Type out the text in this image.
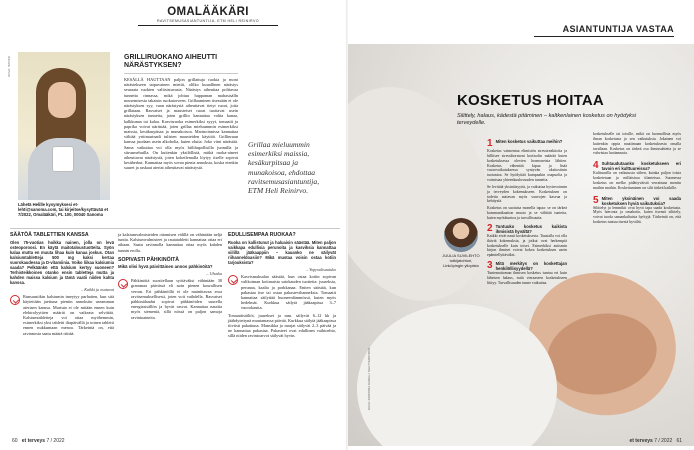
OMALÄÄKÄRI
RAVITSEMUSASIANTUNTIJA, ETM HELI REINIRVO
KUVA: ISTOCK
Lähetä Helille kysymyksesi et-lehti@sanoma.com, tai kirjeitse/kysyttävää et 7/2022, Omalääkäri, PL 100, 00040 Sanoma
GRILLIRUOKANO AIHEUTTI NÄRÄSTYKSEN?
KESÄLLÄ HAUTTAAN paljon grillattuja ruokia ja moni närästekseen taipuvainen miettii, olilko kuuallinen närästys seuraata ruokien valitsistuvasta. Närästys aiheuttaa polttavaa tunnetta rinnassa, mikä johtuu happaman mahasisälln nousemisesta takaisin ruokatorveen. Grillaaminen itsessään ei ole närästyksen syy, vaan närästystä aiheuttavat tietyt ruoat, joita grillataan. Rasvaiset ja mausteiset ruoat tuottavat usein närästyksen tunnetta, joten grillin kannattaa valita kanaa, kalkkunaa tai kalaa. Kasvisruoka esimerkiksi syyyt, tomaatit ja paprika voivat närästää, joten grillaa mieluummin esimerkiksi maissia, kesäkurpitsaa ja munakoisoa. Marinoinnissa kannattaa välttää yrttimarinadi tulisten mausteiden käyttöä. Grillinruan kanssa juodaan usein alkoholia, kuten olutta. Joko viini närästää. Sama vaikuttaa voi olla myös hiilihapollisilla juomilla ja sitrusmehuilla. On kuitenkin yksilöllistä, mitkä ruoka-aineet aiheuttavat närästystä, joten kokeilemalla löytyy itselle sopivat kesäherkut. Kannattaa myös sovaa pienia annoksia, koska etenkin suuret ja raskaat ateriat aiheuttavat närästystä.
Grillaa mieluummin esimerkiksi maissia, kesäkurpitsaa ja munakoisoa, ehdottaa ravitsemusasiantuntija, ETM Heli Reinirvo.
SÄÄTÖÄ TABLETTIEN KANSSA
Olen 75-vuotias hoikka nainen, jolla on levä osteoporoosi. En käytä maitotaloustuotteita. Syön kalaa mutta en muuta lihaa kuin kanaa joskus. Otan kalsiumtabletteja 500 mg kaksi kertaa vuorokaudessa ja D-vitamiinia. Voiko liikaa kalsiumia saada? Pelkäänkö että kalsium kertyy suoneen? Terhisteikkoinen otanko ensin tabletteja mutta ja kahden maissa kalsium ja tämä vaatii niiden kahta kanssa.
– Kaikki ja osatavat
Runsaastikin kalsiumin imeytyy parhaiten, kun sitä käytettään jaettuna pieniin annoksiin useamman ateriaen kanssa. Murtuta ei ole mitään ennen kuin elektrolyyttien määrät on vaikeata selvittää. Kalsiumtabletteja voi ottaa myöhemmin, esimerkiksi yksi tabletti iltapäivällä ja toinen tabletti ennen nukkumaan menoa. Tärkeintä on, että ravinnosta saatu määrä riittää.
ja kalsiumvalmisteiden ottamisen välillä on vähintään neljä tuntia. Kalsiumvalmisteet ja rautatabletit kannattaa ottaa eri aikaan. Saatu ravinnolla kannattaa ottaa myös kahden tunnin erolla.
SOPIVASTI PÄHKINÖITÄ
Mikä olisi hyvä päivittäinen annos pähkinöitä?
– Uhuska
Pähkinöitä suositellaan syötäväksi vähintään 30 grammaa päivässä eli noin pienen kourallisen verran. Eri pähkinöillä ei ole mainittavaa eroa ravitsemuksellisesti, joten voit vaihdella. Rasvaiset pähkinälaadut sopivat pähkinöiden suurella energiasisällön ja hyvät rasvat. Kannattaa nauttia myös siemeniä, sillä niissä on paljon samoja ravintoaineita.
EDULLISEMPAA RUOKAA?
Ruoka on kallistunut ja haluaisin säästää. Miten paljon vaikkapa edullisia perunoita ja kasviksia kannattaa siilillä jääkaappiin – kauanko ne säilyvät riihanneldoasiin? Mikä mustaa voisin ostaa kotiin tarjouksista?
– Yopyoulisautuko
Kasvismaksalaa säästää, kun ostaa kotiin sopivan valikoiman kotimaista satokauden tuotteita: juureksia, perunaa, kaalia ja porkkanaa. Eniten säästää, kun pakastaa itse tai ostaa pakastevihanneksia. Tomaatit kannattaa säilyttää huoneenlämmössä, kuten myös hedelmät. Kurkkua säilytä jääkaapissa 3–7 vuorokautta.
Tomaattisäiliöt, juurekset ja mm. säilyvät 6–12 kk ja jäähdytettynä muutamassa päivää. Kurkkua säilytä jääkaapissa tiiviisti pakattuna. Mansikka ja marjat säilyvät 2–3 päivää ja ne kannattaa pakastaa. Pakasteet ovat edullinen vaihtoehto, sillä niiden ravintoarvot säilyvät hyvin.
60 et terveys 7 / 2022
ASIANTUNTIJA VASTAA
KUVA: KRISTIINA KARHU / SHUTTERSTOCK
KOSKETUS HOITAA
Silittely, halaus, kädestä pitäminen – kaltkenlainen kosketus on hyödyksi terveydelle.
1 Miten kosketus vaikuttaa meihin?
Kosketus vaimentaa elimistön stressireaktioita ja hillitsee stressihormoni kortisolin määrää kuten kosketuksessa olevien hormoneista lähtien. Kosketus vähentää kipua ja lisää vuorovaikutuksessa syntyvän oksitosiinin tuotantoa. Se hyödyttää kumpaakin osapuolta ja voimistaa yhteenkuuluvuuden tunnetta.
Se levittää yksinäisyyttä, ja vaikuttaa hyvinvoinnin ja terveyden kokemukseen. Kosketuksen on todettu auttavan myös vauvojen kasvua ja kehitystä.
Kosketus on suotuisa monella tapaa: se on tärkeä kommunikaation muoto ja se välittää tunteita, kuten myötätuntoa ja turvallisuutta.
2 Tuntuuko kosketus kaikista ihmisistä hyvältä?
Kaikki eivät nauti kosketuksesta. Taustalla voi olla ikäviä kokemuksia, ja jotkut ovat herkempiä kosketukselle kuin toiset. Esimerkiksi autismin kirjon ihmiset voivat kokea kosketuksen usein epämiellyttäväksi.
3 Mitä merkitys on koskettajan henkilöllisyydellä?
Tuntemattoman ihmisen kosketus tuntuu eri kuin läheisen halaus, mitä vieraaseen kosketukseen liittyy. Turvallisuuden tunne vaikuttaa.
kosketukselle tai toisille, mikä on luonnollista myös ilman kosketusta ja sen vaikutuksia. Jokainen voi kuitenkin oppia nauttimaan kosketuksesta omalla tavallaan. Kosketus on tärkeä osa ihmissuhteita ja se vahvistaa luottamusta.
4 Suhtaudutaanko kosketukseen eri tavoin eri kulttuureissa?
Kulttuurilla on vaikutusta siihen, kuinka paljon toisia kosketetaan ja millaisissa tilanteissa. Suomessa kosketus on melko pidättyväistä verrattuna moniin muihin maihin. Koskettaminen on silti tärkeä kaikille.
5 Miten yksinäinen voi saada kosketuksen hyviä vaikutuksia?
Silittelyt ja lemmikit ovat hyvä tapa saada kosketusta. Myös hieronta ja omahoito, kuten itsensä silittely, voivat tuoda samankaltaisia hyötyjä. Tärkeintä on, että kosketus tuntuu itsestä hyvältä.
JUULIA SUVILEHTO tutkijatohtori, Linköpingin yliopisto
et terveys 7 / 2022 61
